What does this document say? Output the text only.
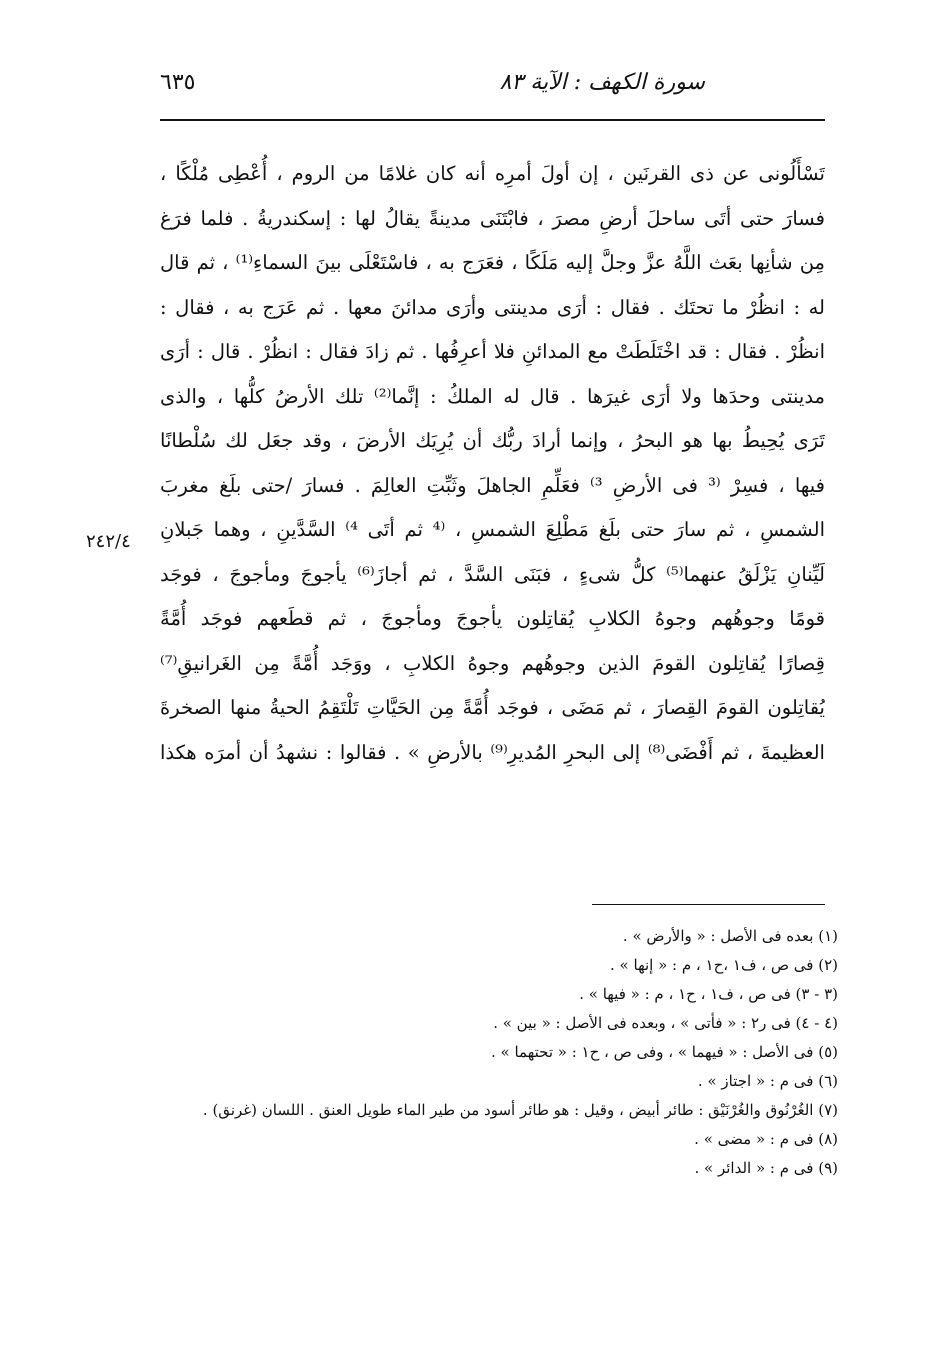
سورة الكهف : الآية ٨٣
٦٣٥
٢٤٢/٤
تَسْأَلُونى عن ذى القرنَين ، إن أولَ أمرِه أنه كان غلامًا من الروم ، أُعْطِى مُلْكًا ،
فسارَ حتى أتَى ساحلَ أرضِ مصرَ ، فابْتَنَى مدينةً يقالُ لها : إسكندريةُ . فلما فرَغ
مِن شأنِها بعَث اللَّهُ عزَّ وجلَّ إليه مَلَكًا ، فعَرَج به ، فاسْتَعْلَى بينَ السماءِ⁽¹⁾ ، ثم قال
له : انظُرْ ما تحتَك . فقال : أرَى مدينتى وأرَى مدائنَ معها . ثم عَرَج به ، فقال :
انظُرْ . فقال : قد اخْتَلَطَتْ مع المدائنِ فلا أعرِفُها . ثم زادَ فقال : انظُرْ . قال : أرَى
مدينتى وحدَها ولا أرَى غيرَها . قال له الملكُ : إنَّما⁽²⁾ تلك الأرضُ كلُّها ، والذى
تَرَى يُحِيطُ بها هو البحرُ ، وإنما أرادَ ربُّك أن يُرِيَك الأرضَ ، وقد جعَل لك سُلْطانًا
فيها ، فسِرْ ⁽³ فى الأرضِ ³⁾ فعَلِّمِ الجاهلَ وثَبِّتِ العالِمَ . فسارَ /حتى بلَغ مغربَ
الشمسِ ، ثم سارَ حتى بلَغ مَطْلِعَ الشمسِ ، ⁽⁴ ثم أتَى ⁴⁾ السَّدَّينِ ، وهما جَبلانِ
لَيِّنانِ يَزْلَقُ عنهما⁽⁵⁾ كلُّ شىءٍ ، فبَنَى السَّدَّ ، ثم أجازَ⁽⁶⁾ يأجوجَ ومأجوجَ ، فوجَد
قومًا وجوهُهم وجوهُ الكلابِ يُقاتِلون يأجوجَ ومأجوجَ ، ثم قطَعهم فوجَد أُمَّةً
قِصارًا يُقاتِلون القومَ الذين وجوهُهم وجوهُ الكلابِ ، ووَجَد أُمَّةً مِن الغَرانيقِ⁽⁷⁾
يُقاتِلون القومَ القِصارَ ، ثم مَضَى ، فوجَد أُمَّةً مِن الحَيَّاتِ تَلْتَقِمُ الحيةُ منها الصخرةَ
العظيمةَ ، ثم أَفْضَى⁽⁸⁾ إلى البحرِ المُديرِ⁽⁹⁾ بالأرضِ » . فقالوا : نشهدُ أن أمرَه هكذا
(١) بعده فى الأصل : « والأرض » .
(٢) فى ص ، ف١ ،ح١ ، م : « إنها » .
(٣ - ٣) فى ص ، ف١ ، ح١ ، م : « فيها » .
(٤ - ٤) فى ر٢ : « فأتى » ، وبعده فى الأصل : « بين » .
(٥) فى الأصل : « فيهما » ، وفى ص ، ح١ : « تحتهما » .
(٦) فى م : « اجتاز » .
(٧) الغُرْنُوق والغُرْنَيْق : طائر أبيض ، وقيل : هو طائر أسود من طير الماء طويل العنق . اللسان (غرنق) .
(٨) فى م : « مضى » .
(٩) فى م : « الدائر » .
